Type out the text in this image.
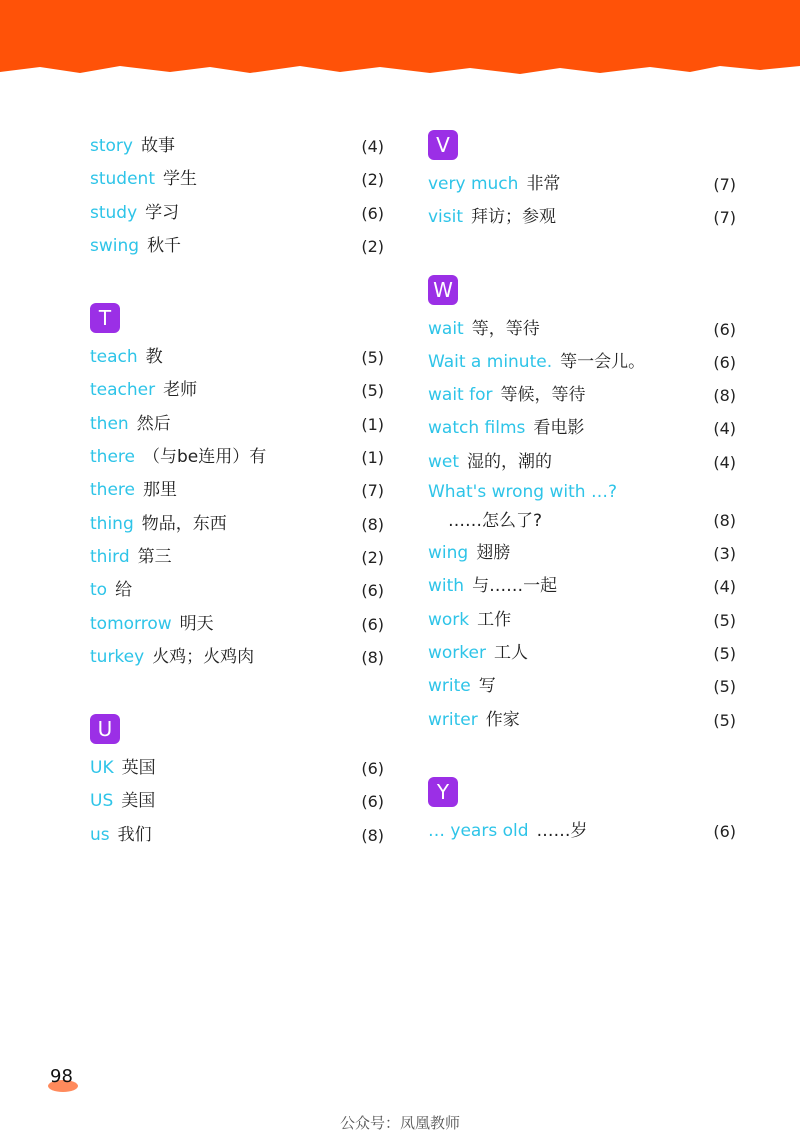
story 故事	(4)
student 学生	(2)
study 学习	(6)
swing 秋千	(2)
T
teach 教	(5)
teacher 老师	(5)
then 然后	(1)
there （与be连用）有	(1)
there 那里	(7)
thing 物品，东西	(8)
third 第三	(2)
to 给	(6)
tomorrow 明天	(6)
turkey 火鸡；火鸡肉	(8)
U
UK 英国	(6)
US 美国	(6)
us 我们	(8)
V
very much 非常	(7)
visit 拜访；参观	(7)
W
wait 等，等待	(6)
Wait a minute. 等一会儿。	(6)
wait for 等候，等待	(8)
watch films 看电影	(4)
wet 湿的，潮的	(4)
What's wrong with …?
……怎么了?	(8)
wing 翅膀	(3)
with 与……一起	(4)
work 工作	(5)
worker 工人	(5)
write 写	(5)
writer 作家	(5)
Y
… years old ……岁	(6)
98
公众号：凤凰教师
